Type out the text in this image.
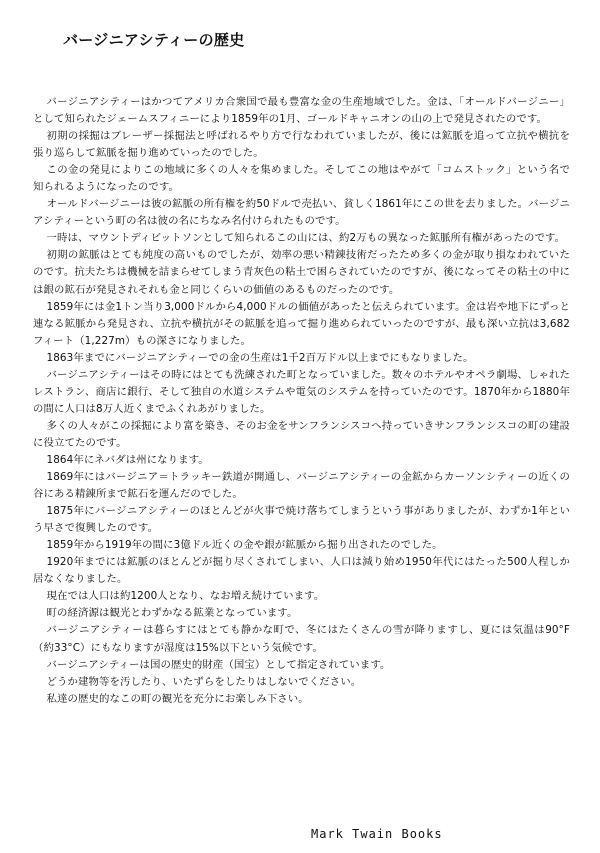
バージニアシティーの歴史

バージニアシティーはかつてアメリカ合衆国で最も豊富な金の生産地域でした。金は、「オールドバージニー」として知られたジェームスフィニーにより1859年の1月、ゴールドキャニオンの山の上で発見されたのです。

初期の採掘はブレーザー採掘法と呼ばれるやり方で行なわれていましたが、後には鉱脈を追って立抗や横抗を張り巡らして鉱脈を掘り進めていったのでした。

この金の発見によりこの地域に多くの人々を集めました。そしてこの地はやがて「コムストック」という名で知られるようになったのです。

オールドバージニーは彼の鉱脈の所有権を約50ドルで売払い、貧しく1861年にこの世を去りました。バージニアシティーという町の名は彼の名にちなみ名付けられたものです。

一時は、マウントディビットソンとして知られるこの山には、約2万もの異なった鉱脈所有権があったのです。

初期の鉱脈はとても純度の高いものでしたが、効率の悪い精錬技術だったため多くの金が取り損なわれていたのです。抗夫たちは機械を詰まらせてしまう青灰色の粘土で困らされていたのですが、後になってその粘土の中には銀の鉱石が発見されそれも金と同じくらいの価値のあるものだったのです。

1859年には金1トン当り3,000ドルから4,000ドルの価値があったと伝えられています。金は岩や地下にずっと連なる鉱脈から発見され、立抗や横抗がその鉱脈を追って掘り進められていったのですが、最も深い立抗は3,682フィート（1,227m）もの深さになりました。

1863年までにバージニアシティーでの金の生産は1千2百万ドル以上までにもなりました。

バージニアシティーはその時にはとても洗練された町となっていました。数々のホテルやオペラ劇場、しゃれたレストラン、商店に銀行、そして独自の水道システムや電気のシステムを持っていたのです。1870年から1880年の間に人口は8万人近くまでふくれあがりました。

多くの人々がこの採掘により富を築き、そのお金をサンフランシスコへ持っていきサンフランシスコの町の建設に役立てたのです。

1864年にネバダは州になります。

1869年にはバージニア＝トラッキー鉄道が開通し、バージニアシティーの金鉱からカーソンシティーの近くの谷にある精錬所まで鉱石を運んだのでした。

1875年にバージニアシティーのほとんどが火事で焼け落ちてしまうという事がありましたが、わずか1年という早さで復興したのです。

1859年から1919年の間に3億ドル近くの金や銀が鉱脈から掘り出されたのでした。

1920年までには鉱脈のほとんどが掘り尽くされてしまい、人口は減り始め1950年代にはたった500人程しか居なくなりました。

現在では人口は約1200人となり、なお増え続けています。

町の経済源は観光とわずかなる鉱業となっています。

バージニアシティーは暮らすにはとても静かな町で、冬にはたくさんの雪が降りますし、夏には気温は90°F（約33°C）にもなりますが湿度は15%以下という気候です。

バージニアシティーは国の歴史的財産（国宝）として指定されています。

どうか建物等を汚したり、いたずらをしたりはしないでください。

私達の歴史的なこの町の観光を充分にお楽しみ下さい。

Mark Twain Books
